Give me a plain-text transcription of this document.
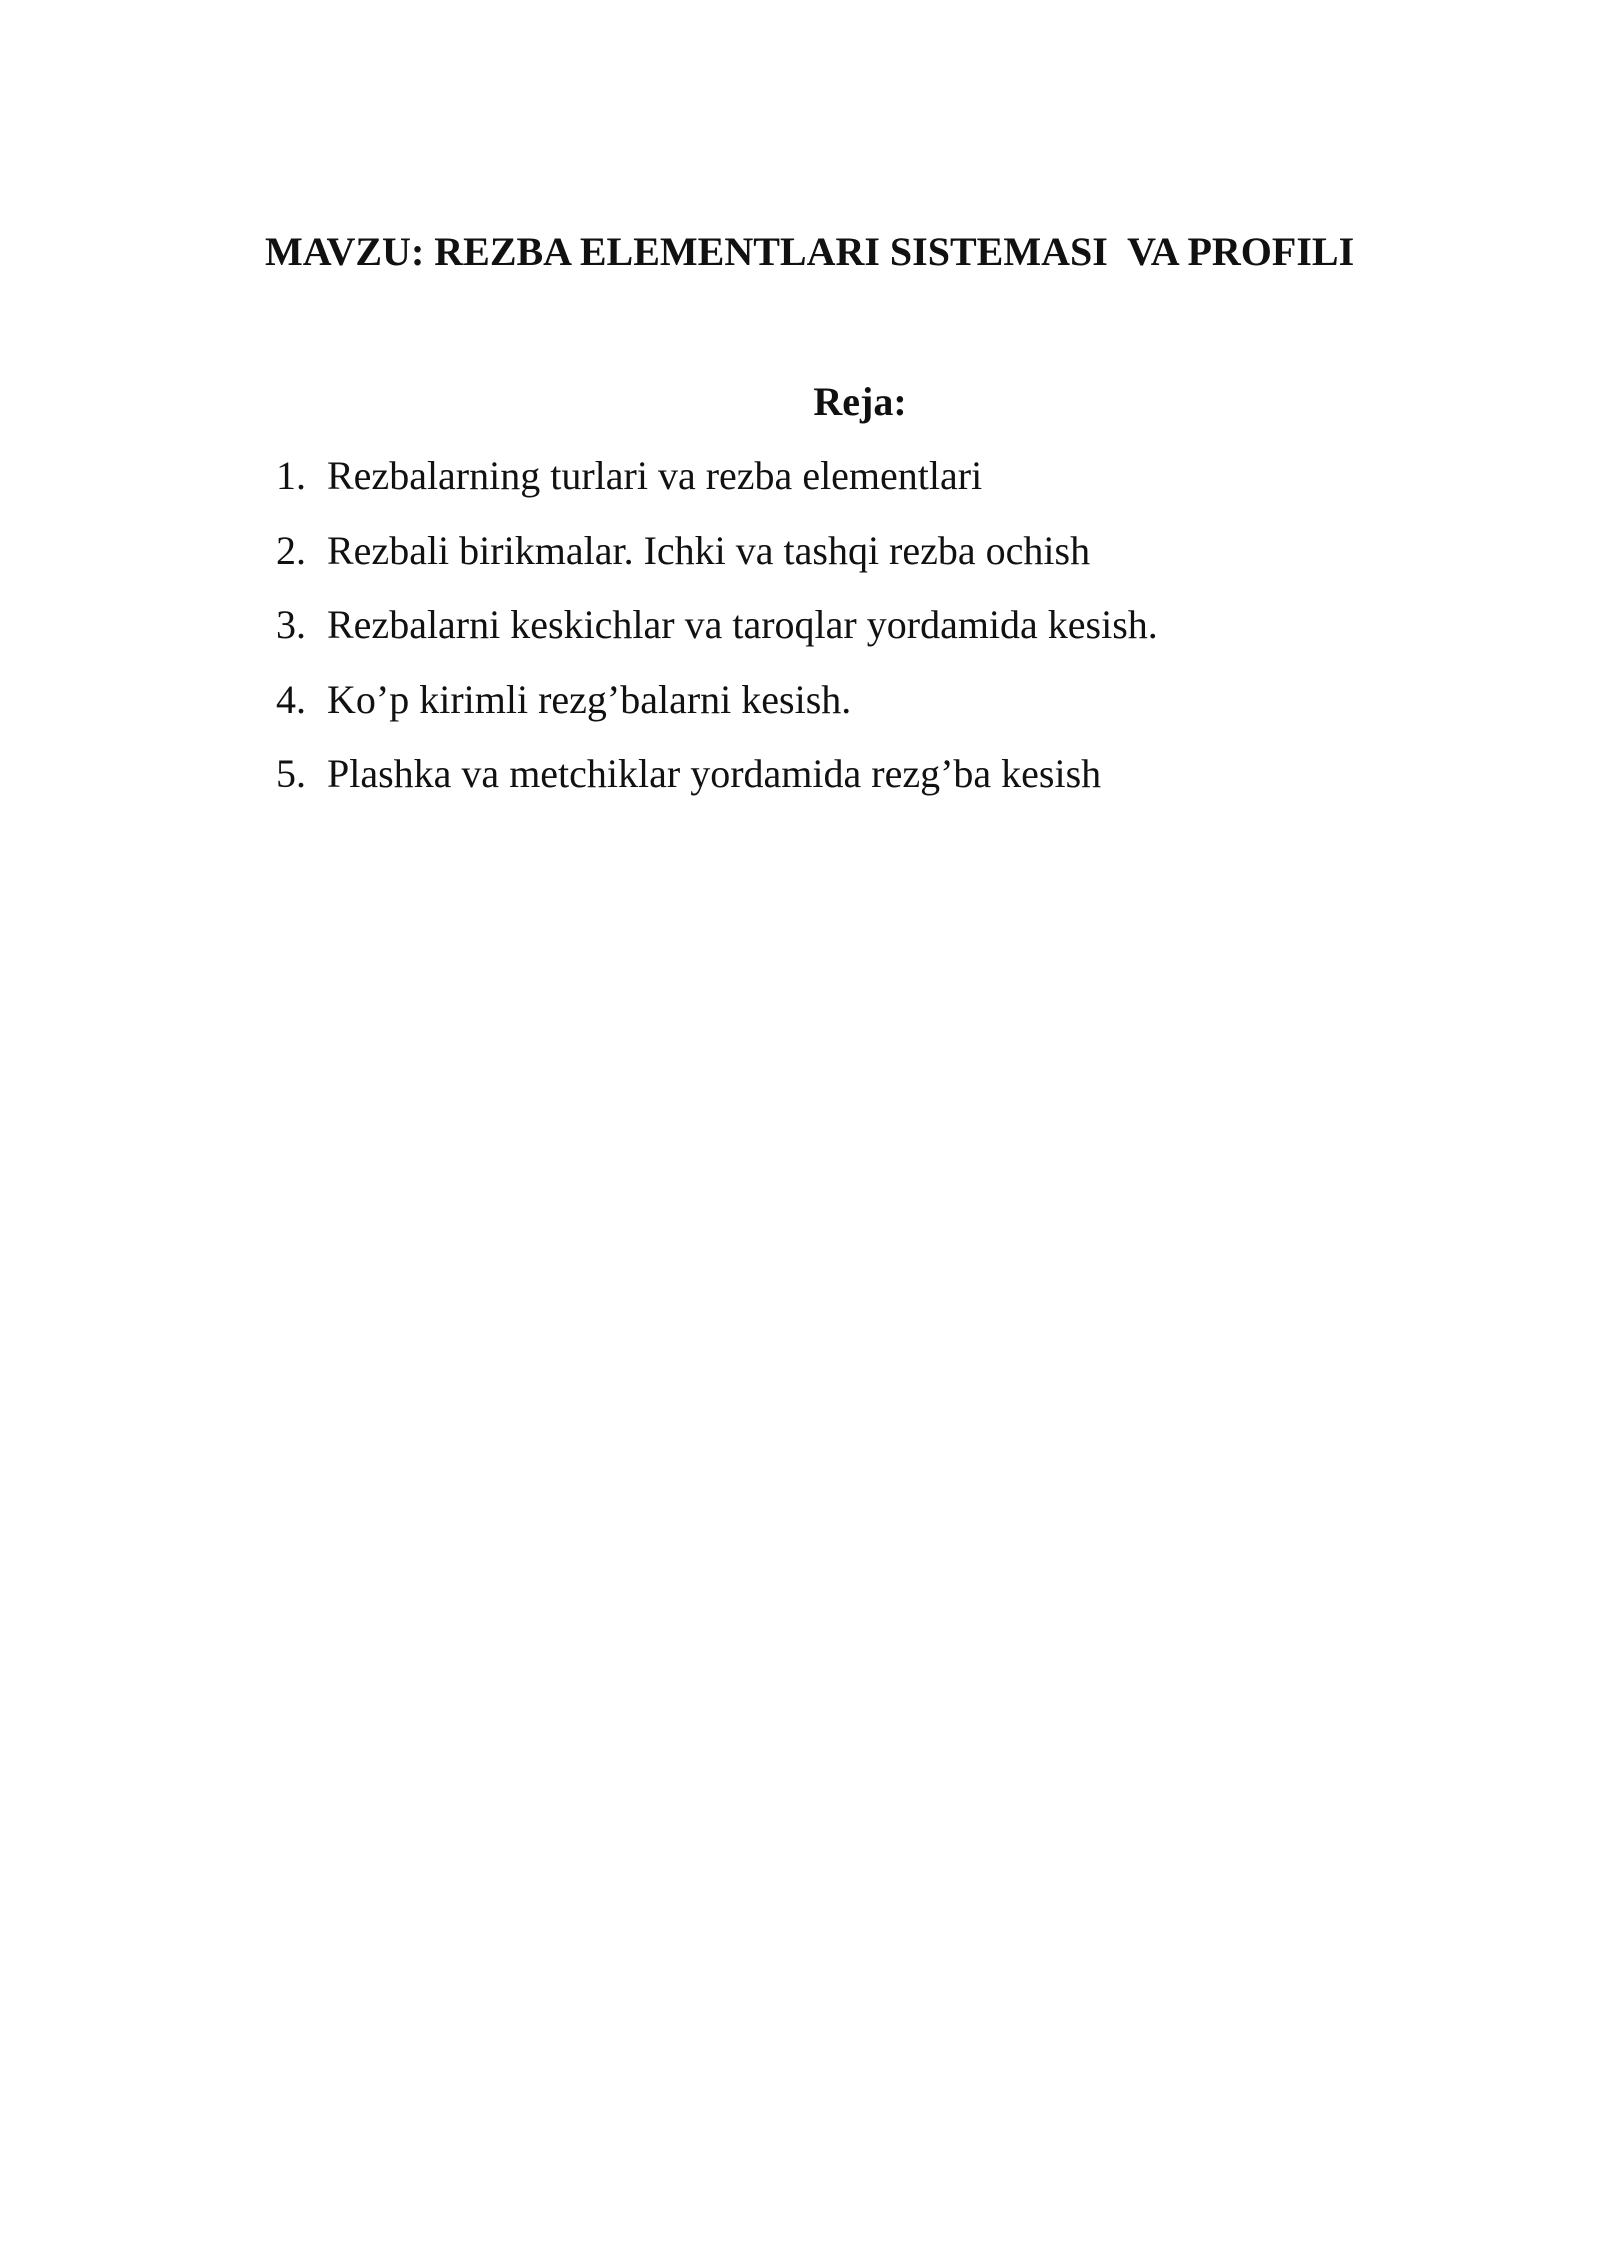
MAVZU: REZBA ELEMENTLARI SISTEMASI  VA PROFILI
Reja:
1. Rezbalarning turlari va rezba elementlari
2. Rezbali birikmalar. Ichki va tashqi rezba ochish
3. Rezbalarni keskichlar va taroqlar yordamida kesish.
4. Ko’p kirimli rezg’balarni kesish.
5. Plashka va metchiklar yordamida rezg’ba kesish
